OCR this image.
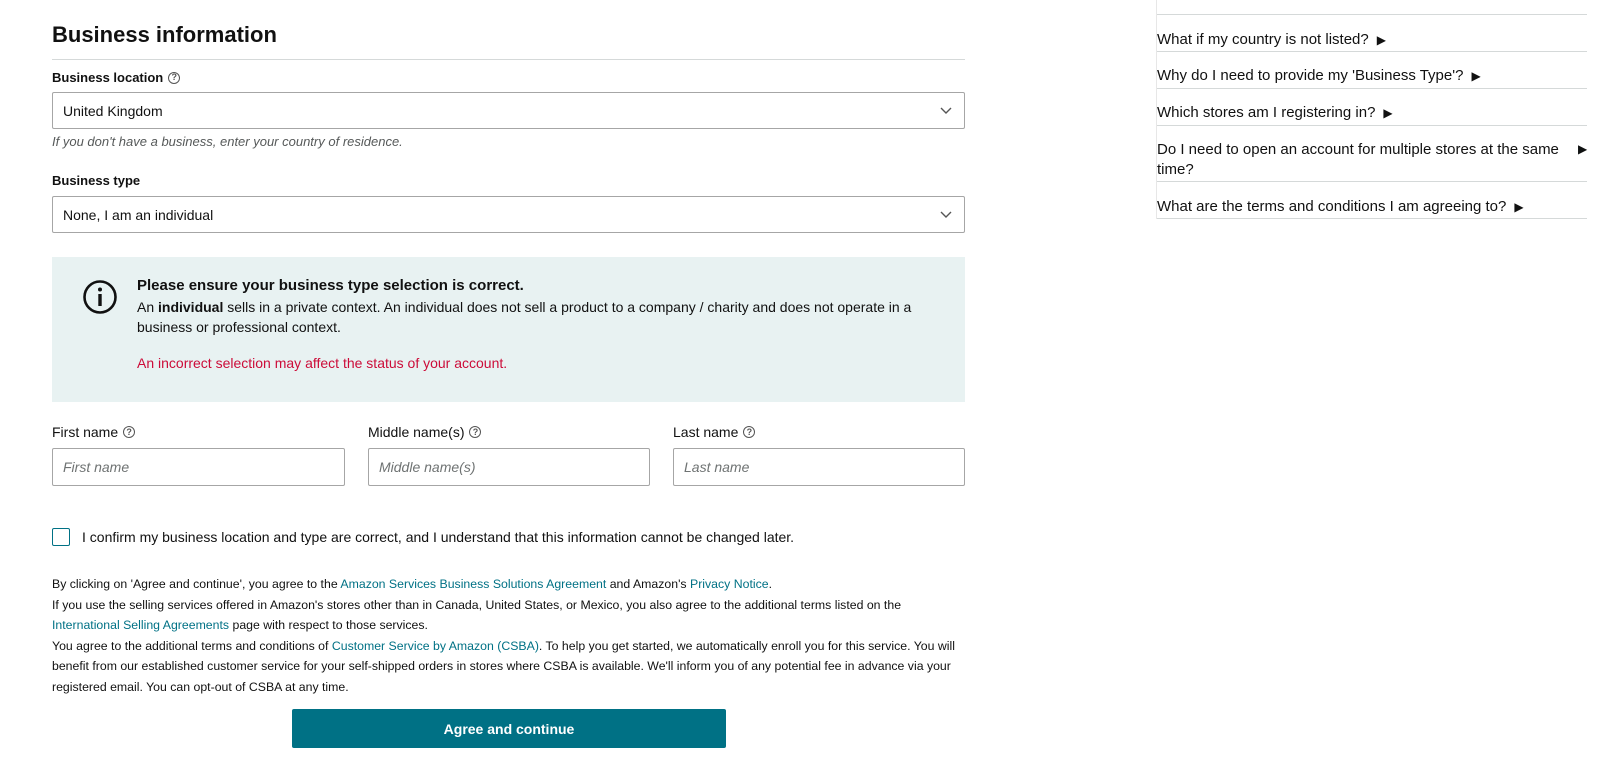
Business information
Business location ?
United Kingdom
If you don't have a business, enter your country of residence.
Business type
None, I am an individual
Please ensure your business type selection is correct.
An individual sells in a private context. An individual does not sell a product to a company / charity and does not operate in a business or professional context.
An incorrect selection may affect the status of your account.
First name ?	Middle name(s) ?	Last name ?
First name	Middle name(s)	Last name
I confirm my business location and type are correct, and I understand that this information cannot be changed later.
By clicking on 'Agree and continue', you agree to the Amazon Services Business Solutions Agreement and Amazon's Privacy Notice.
If you use the selling services offered in Amazon's stores other than in Canada, United States, or Mexico, you also agree to the additional terms listed on the International Selling Agreements page with respect to those services.
You agree to the additional terms and conditions of Customer Service by Amazon (CSBA). To help you get started, we automatically enroll you for this service. You will benefit from our established customer service for your self-shipped orders in stores where CSBA is available. We'll inform you of any potential fee in advance via your registered email. You can opt-out of CSBA at any time.
Agree and continue
What if my country is not listed? ▶
Why do I need to provide my 'Business Type'? ▶
Which stores am I registering in? ▶
Do I need to open an account for multiple stores at the same time?
▶
What are the terms and conditions I am agreeing to? ▶
